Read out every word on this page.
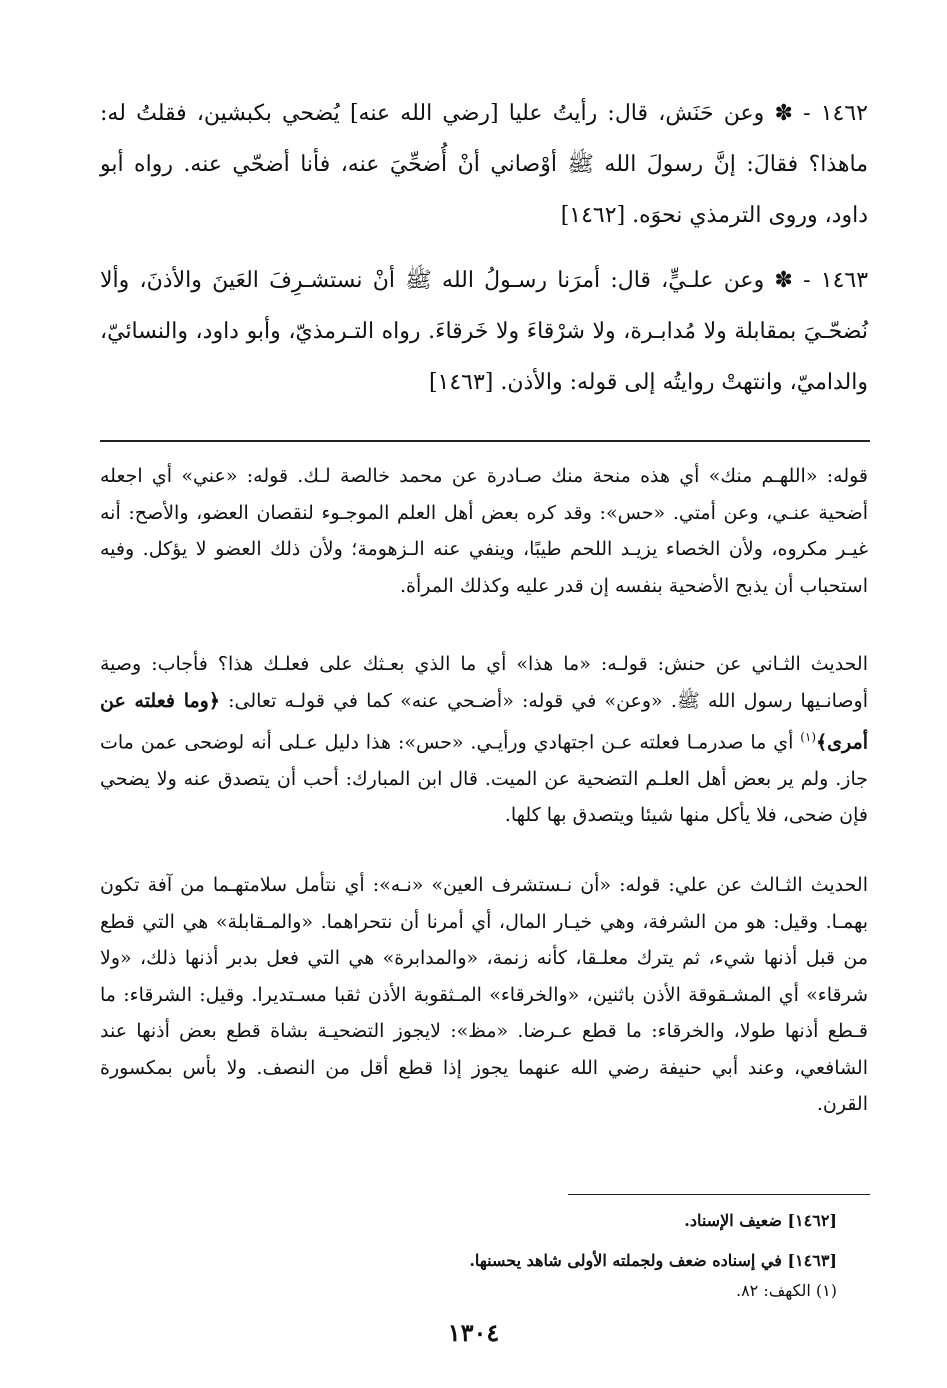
١٤٦٢ - ✽ وعن حَنَش، قال: رأيتُ عليا [رضي الله عنه] يُضحي بكبشين، فقلتُ له: ماهذا؟ فقالَ: إنَّ رسولَ الله ﷺ أوْصاني أنْ أُضحِّيَ عنه، فأنا أضحّي عنه. رواه أبو داود، وروى الترمذي نحوَه. [١٤٦٢]

١٤٦٣ - ✽ وعن علـيٍّ، قال: أمرَنا رسـولُ الله ﷺ أنْ نستشـرِفَ العَينَ والأذنَ، وألا نُضحّـيَ بمقابلة ولا مُدابـرة، ولا شرْقاءَ ولا خَرقاءَ. رواه التـرمذيّ، وأبو داود، والنسائيّ، والداميّ، وانتهتْ روايتُه إلى قوله: والأذن. [١٤٦٣]

قوله: «اللهـم منك» أي هذه منحة منك صـادرة عن محمد خالصة لـك. قوله: «عني» أي اجعله أضحية عنـي، وعن أمتي. «حس»: وقد كره بعض أهل العلم الموجـوء لنقصان العضو، والأصح: أنه غيـر مكروه، ولأن الخصاء يزيـد اللحم طيبًا، وينفي عنه الـزهومة؛ ولأن ذلك العضو لا يؤكل. وفيه استحباب أن يذبح الأضحية بنفسه إن قدر عليه وكذلك المرأة.

الحديث الثـاني عن حنش: قولـه: «ما هذا» أي ما الذي بعـثك على فعلـك هذا؟ فأجاب: وصية أوصانـيها رسول الله ﷺ. «وعن» في قوله: «أضـحي عنه» كما في قولـه تعالى: ﴿وما فعلته عن أمرى﴾$^{(١)}$ أي ما صدرمـا فعلته عـن اجتهادي ورأيـي. «حس»: هذا دليل عـلى أنه لوضحى عمن مات جاز. ولم ير بعض أهل العلـم التضحية عن الميت. قال ابن المبارك: أحب أن يتصدق عنه ولا يضحي فإن ضحى، فلا يأكل منها شيئا ويتصدق بها كلها.

الحديث الثـالث عن علي: قوله: «أن نـستشرف العين» «نـه»: أي نتأمل سلامتهـما من آفة تكون بهمـا. وقيل: هو من الشرفة، وهي خيـار المال، أي أمرنا أن نتحراهما. «والمـقابلة» هي التي قطع من قبل أذنها شيء، ثم يترك معلـقا، كأنه زنمة، «والمدابرة» هي التي فعل بدبر أذنها ذلك، «ولا شرقاء» أي المشـقوقة الأذن باثنين، «والخرقاء» المـثقوبة الأذن ثقبا مسـتديرا. وقيل: الشرقاء: ما قـطع أذنها طولا، والخرقاء: ما قطع عـرضا. «مظ»: لايجوز التضحيـة بشاة قطع بعض أذنها عند الشافعي، وعند أبي حنيفة رضي الله عنهما يجوز إذا قطع أقل من النصف. ولا بأس بمكسورة القرن.

[١٤٦٢] ضعيف الإسناد.
[١٤٦٣] في إسناده ضعف ولجملته الأولى شاهد يحسنها.
(١) الكهف: ٨٢.
١٣٠٤
